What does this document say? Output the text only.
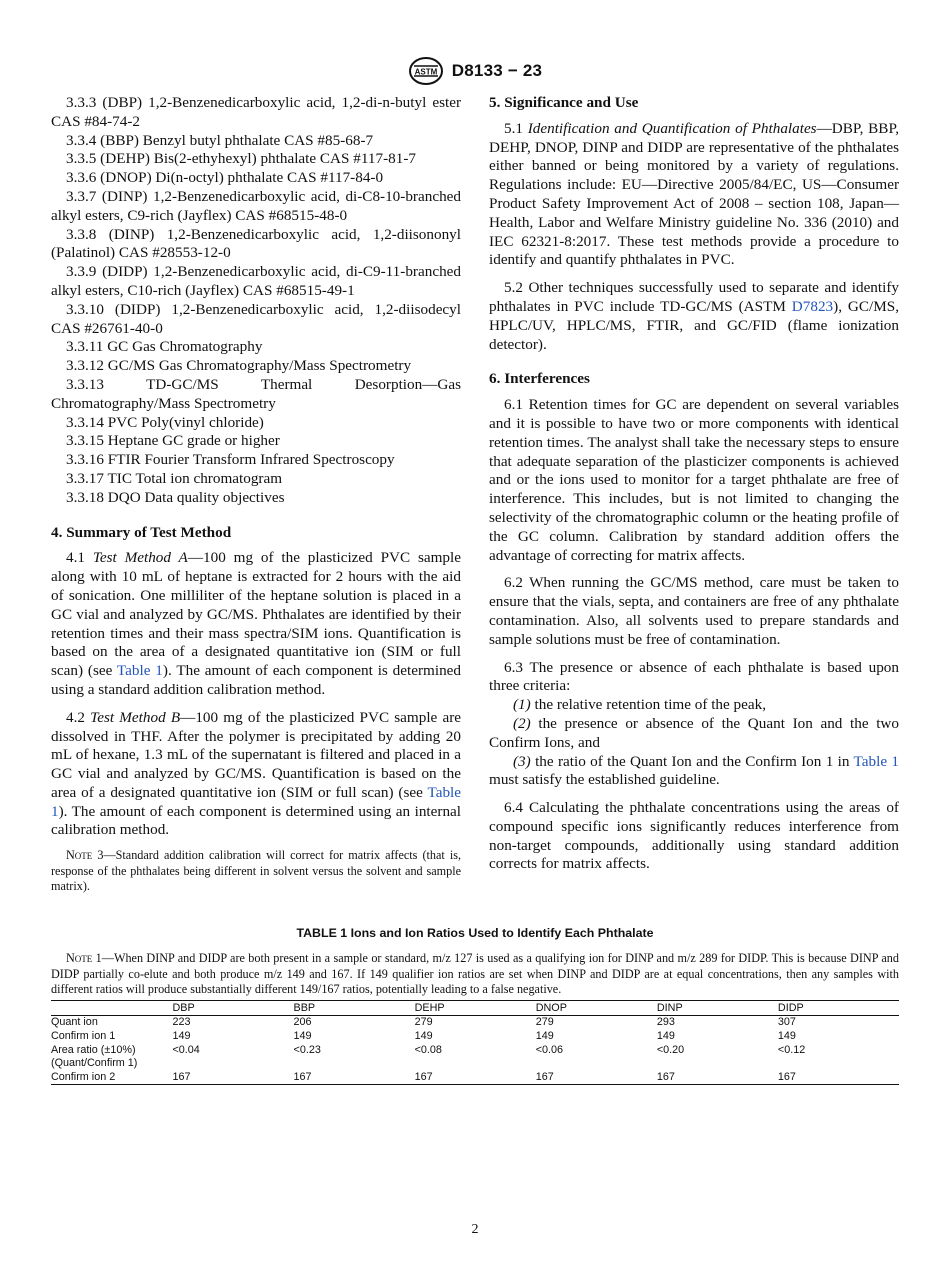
ASTM D8133 − 23

3.3.3 (DBP) 1,2-Benzenedicarboxylic acid, 1,2-di-n-butyl ester CAS #84-74-2

3.3.4 (BBP) Benzyl butyl phthalate CAS #85-68-7

3.3.5 (DEHP) Bis(2-ethyhexyl) phthalate CAS #117-81-7

3.3.6 (DNOP) Di(n-octyl) phthalate CAS #117-84-0

3.3.7 (DINP) 1,2-Benzenedicarboxylic acid, di-C8-10-branched alkyl esters, C9-rich (Jayflex) CAS #68515-48-0

3.3.8 (DINP) 1,2-Benzenedicarboxylic acid, 1,2-diisononyl (Palatinol) CAS #28553-12-0

3.3.9 (DIDP) 1,2-Benzenedicarboxylic acid, di-C9-11-branched alkyl esters, C10-rich (Jayflex) CAS #68515-49-1

3.3.10 (DIDP) 1,2-Benzenedicarboxylic acid, 1,2-diisodecyl CAS #26761-40-0

3.3.11 GC Gas Chromatography

3.3.12 GC/MS Gas Chromatography/Mass Spectrometry

3.3.13 TD-GC/MS Thermal Desorption—Gas Chromatography/Mass Spectrometry

3.3.14 PVC Poly(vinyl chloride)

3.3.15 Heptane GC grade or higher

3.3.16 FTIR Fourier Transform Infrared Spectroscopy

3.3.17 TIC Total ion chromatogram

3.3.18 DQO Data quality objectives

4. Summary of Test Method

4.1 Test Method A—100 mg of the plasticized PVC sample along with 10 mL of heptane is extracted for 2 hours with the aid of sonication. One milliliter of the heptane solution is placed in a GC vial and analyzed by GC/MS. Phthalates are identified by their retention times and their mass spectra/SIM ions. Quantification is based on the area of a designated quantitative ion (SIM or full scan) (see Table 1). The amount of each component is determined using a standard addition calibration method.

4.2 Test Method B—100 mg of the plasticized PVC sample are dissolved in THF. After the polymer is precipitated by adding 20 mL of hexane, 1.3 mL of the supernatant is filtered and placed in a GC vial and analyzed by GC/MS. Quantification is based on the area of a designated quantitative ion (SIM or full scan) (see Table 1). The amount of each component is determined using an internal calibration method.

Note 3—Standard addition calibration will correct for matrix affects (that is, response of the phthalates being different in solvent versus the solvent and sample matrix).

5. Significance and Use

5.1 Identification and Quantification of Phthalates—DBP, BBP, DEHP, DNOP, DINP and DIDP are representative of the phthalates either banned or being monitored by a variety of regulations. Regulations include: EU—Directive 2005/84/EC, US—Consumer Product Safety Improvement Act of 2008 – section 108, Japan—Health, Labor and Welfare Ministry guideline No. 336 (2010) and IEC 62321-8:2017. These test methods provide a procedure to identify and quantify phthalates in PVC.

5.2 Other techniques successfully used to separate and identify phthalates in PVC include TD-GC/MS (ASTM D7823), GC/MS, HPLC/UV, HPLC/MS, FTIR, and GC/FID (flame ionization detector).

6. Interferences

6.1 Retention times for GC are dependent on several variables and it is possible to have two or more components with identical retention times. The analyst shall take the necessary steps to ensure that adequate separation of the plasticizer components is achieved and or the ions used to monitor for a target phthalate are free of interference. This includes, but is not limited to changing the selectivity of the chromatographic column or the heating profile of the GC column. Calibration by standard addition offers the advantage of correcting for matrix affects.

6.2 When running the GC/MS method, care must be taken to ensure that the vials, septa, and containers are free of any phthalate contamination. Also, all solvents used to prepare standards and sample solutions must be free of contamination.

6.3 The presence or absence of each phthalate is based upon three criteria:

(1) the relative retention time of the peak,

(2) the presence or absence of the Quant Ion and the two Confirm Ions, and

(3) the ratio of the Quant Ion and the Confirm Ion 1 in Table 1 must satisfy the established guideline.

6.4 Calculating the phthalate concentrations using the areas of compound specific ions significantly reduces interference from non-target compounds, additionally using standard addition corrects for matrix affects.

TABLE 1 Ions and Ion Ratios Used to Identify Each Phthalate

Note 1—When DINP and DIDP are both present in a sample or standard, m/z 127 is used as a qualifying ion for DINP and m/z 289 for DIDP. This is because DINP and DIDP partially co-elute and both produce m/z 149 and 167. If 149 qualifier ion ratios are set when DINP and DIDP are at equal concentrations, then any samples with different ratios will produce substantially different 149/167 ratios, potentially leading to a false negative.

	DBP	BBP	DEHP	DNOP	DINP	DIDP
Quant ion	223	206	279	279	293	307
Confirm ion 1	149	149	149	149	149	149
Area ratio (±10%)	<0.04	<0.23	<0.08	<0.06	<0.20	<0.12
(Quant/Confirm 1)						
Confirm ion 2	167	167	167	167	167	167
2
